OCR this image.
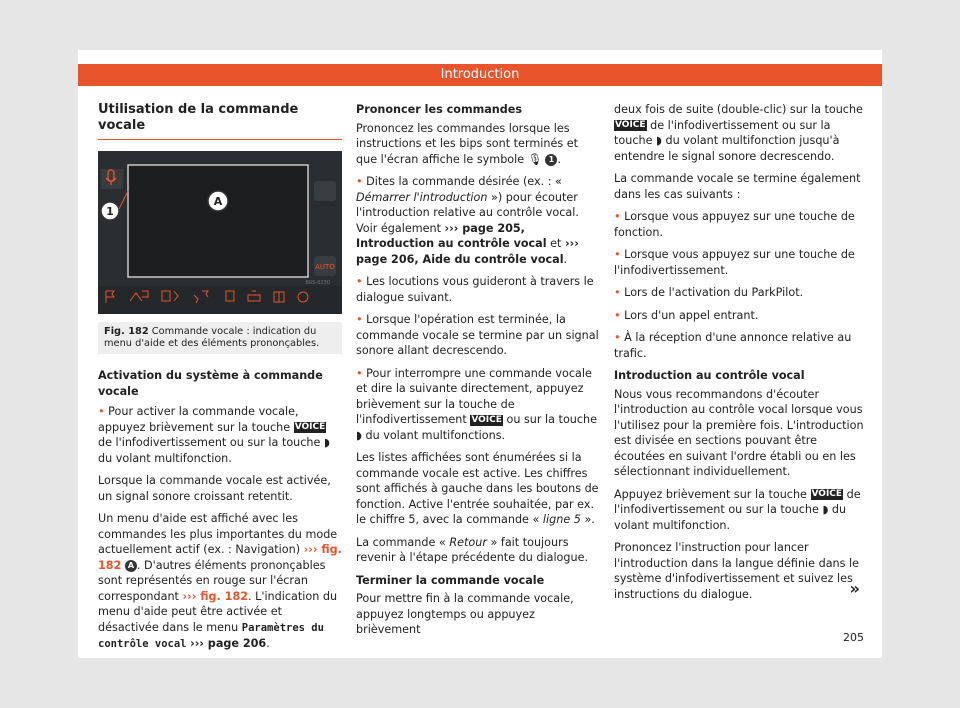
Introduction
Utilisation de la commande vocale
AUTO
BRS-0230
1
A
Fig. 182 Commande vocale : indication du menu d'aide et des éléments prononçables.
Activation du système à commande vocale

• Pour activer la commande vocale, appuyez brièvement sur la touche VOICE de l'infodivertissement ou sur la touche ◗ du volant multifonction.

Lorsque la commande vocale est activée, un signal sonore croissant retentit.

Un menu d'aide est affiché avec les commandes les plus importantes du mode actuellement actif (ex. : Navigation) ››› fig. 182 A . D'autres éléments prononçables sont représentés en rouge sur l'écran correspondant ››› fig. 182. L'indication du menu d'aide peut être activée et désactivée dans le menu Paramètres du contrôle vocal ››› page 206.

Prononcer les commandes

Prononcez les commandes lorsque les instructions et les bips sont terminés et que l'écran affiche le symbole 🎙 1 .

• Dites la commande désirée (ex. : « Démarrer l'introduction ») pour écouter l'introduction relative au contrôle vocal. Voir également ››› page 205, Introduction au contrôle vocal et ››› page 206, Aide du contrôle vocal.

• Les locutions vous guideront à travers le dialogue suivant.

• Lorsque l'opération est terminée, la commande vocale se termine par un signal sonore allant decrescendo.

• Pour interrompre une commande vocale et dire la suivante directement, appuyez brièvement sur la touche de l'infodivertissement VOICE ou sur la touche ◗ du volant multifonctions.

Les listes affichées sont énumérées si la commande vocale est active. Les chiffres sont affichés à gauche dans les boutons de fonction. Active l'entrée souhaitée, par ex. le chiffre 5, avec la commande « ligne 5 ».

La commande « Retour » fait toujours revenir à l'étape précédente du dialogue.

Terminer la commande vocale

Pour mettre fin à la commande vocale, appuyez longtemps ou appuyez brièvement

deux fois de suite (double-clic) sur la touche VOICE de l'infodivertissement ou sur la touche ◗ du volant multifonction jusqu'à entendre le signal sonore decrescendo.

La commande vocale se termine également dans les cas suivants :

• Lorsque vous appuyez sur une touche de fonction.

• Lorsque vous appuyez sur une touche de l'infodivertissement.

• Lors de l'activation du ParkPilot.

• Lors d'un appel entrant.

• À la réception d'une annonce relative au trafic.

Introduction au contrôle vocal

Nous vous recommandons d'écouter l'introduction au contrôle vocal lorsque vous l'utilisez pour la première fois. L'introduction est divisée en sections pouvant être écoutées en suivant l'ordre établi ou en les sélectionnant individuellement.

Appuyez brièvement sur la touche VOICE de l'infodivertissement ou sur la touche ◗ du volant multifonction.

Prononcez l'instruction pour lancer l'introduction dans la langue définie dans le système d'infodivertissement et suivez les instructions du dialogue.	»
205
